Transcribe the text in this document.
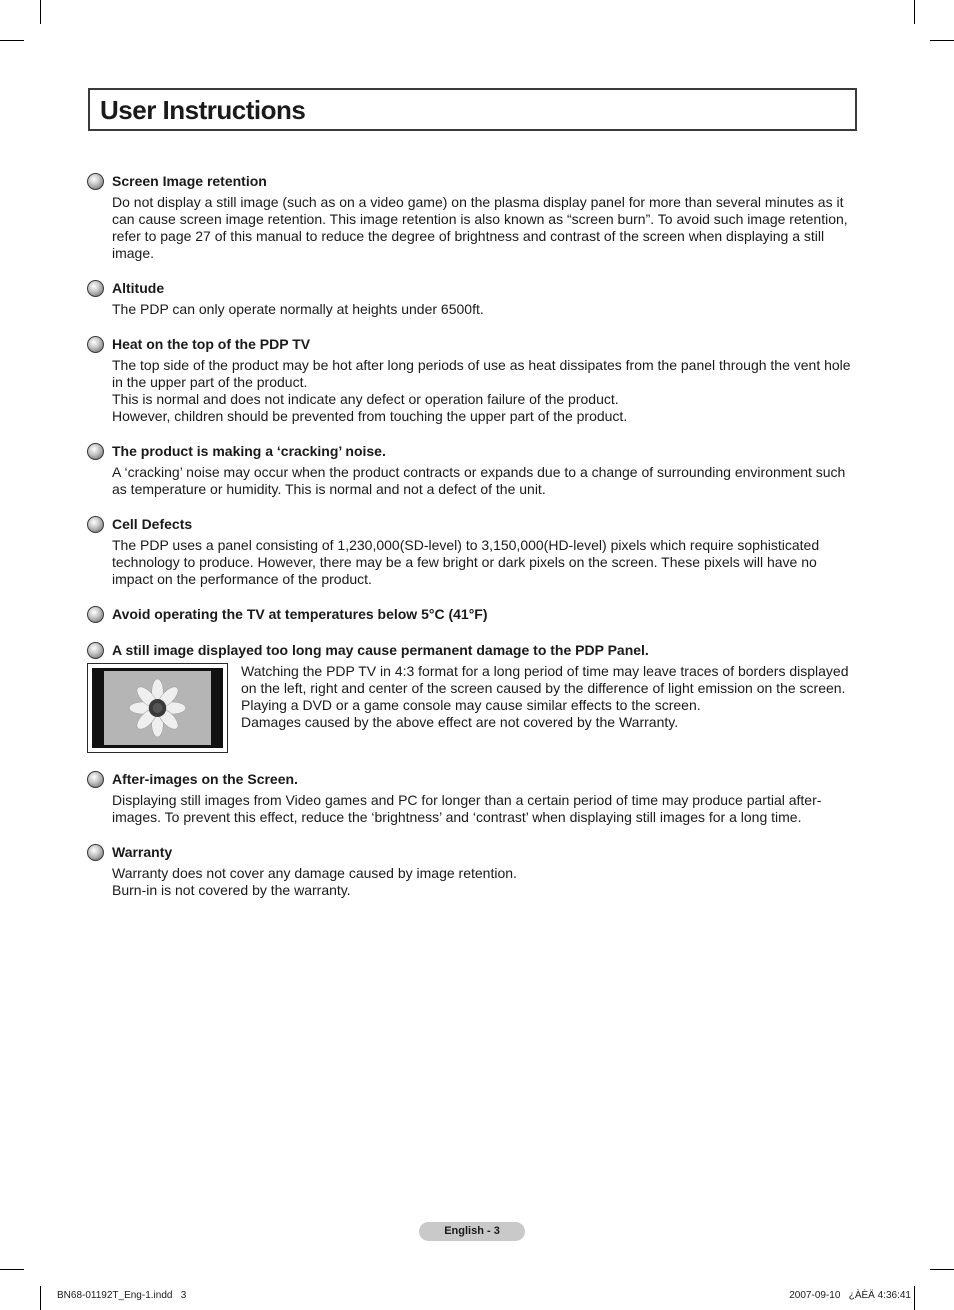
User Instructions
Screen Image retention

Do not display a still image (such as on a video game) on the plasma display panel for more than several minutes as it can cause screen image retention. This image retention is also known as “screen burn”. To avoid such image retention, refer to page 27 of this manual to reduce the degree of brightness and contrast of the screen when displaying a still image.

Altitude

The PDP can only operate normally at heights under 6500ft.

Heat on the top of the PDP TV

The top side of the product may be hot after long periods of use as heat dissipates from the panel through the vent hole in the upper part of the product.

This is normal and does not indicate any defect or operation failure of the product.

However, children should be prevented from touching the upper part of the product.

The product is making a ‘cracking’ noise.

A ‘cracking’ noise may occur when the product contracts or expands due to a change of surrounding environment such as temperature or humidity. This is normal and not a defect of the unit.

Cell Defects

The PDP uses a panel consisting of 1,230,000(SD-level) to 3,150,000(HD-level) pixels which require sophisticated technology to produce. However, there may be a few bright or dark pixels on the screen. These pixels will have no impact on the performance of the product.

Avoid operating the TV at temperatures below 5°C (41°F)
A still image displayed too long may cause permanent damage to the PDP Panel.

Watching the PDP TV in 4:3 format for a long period of time may leave traces of borders displayed on the left, right and center of the screen caused by the difference of light emission on the screen.

Playing a DVD or a game console may cause similar effects to the screen.

Damages caused by the above effect are not covered by the Warranty.

After-images on the Screen.

Displaying still images from Video games and PC for longer than a certain period of time may produce partial after-images. To prevent this effect, reduce the ‘brightness’ and ‘contrast’ when displaying still images for a long time.

Warranty

Warranty does not cover any damage caused by image retention.

Burn-in is not covered by the warranty.

English - 3
BN68-01192T_Eng-1.indd   3	2007-09-10   ¿ÀÈÄ 4:36:41
